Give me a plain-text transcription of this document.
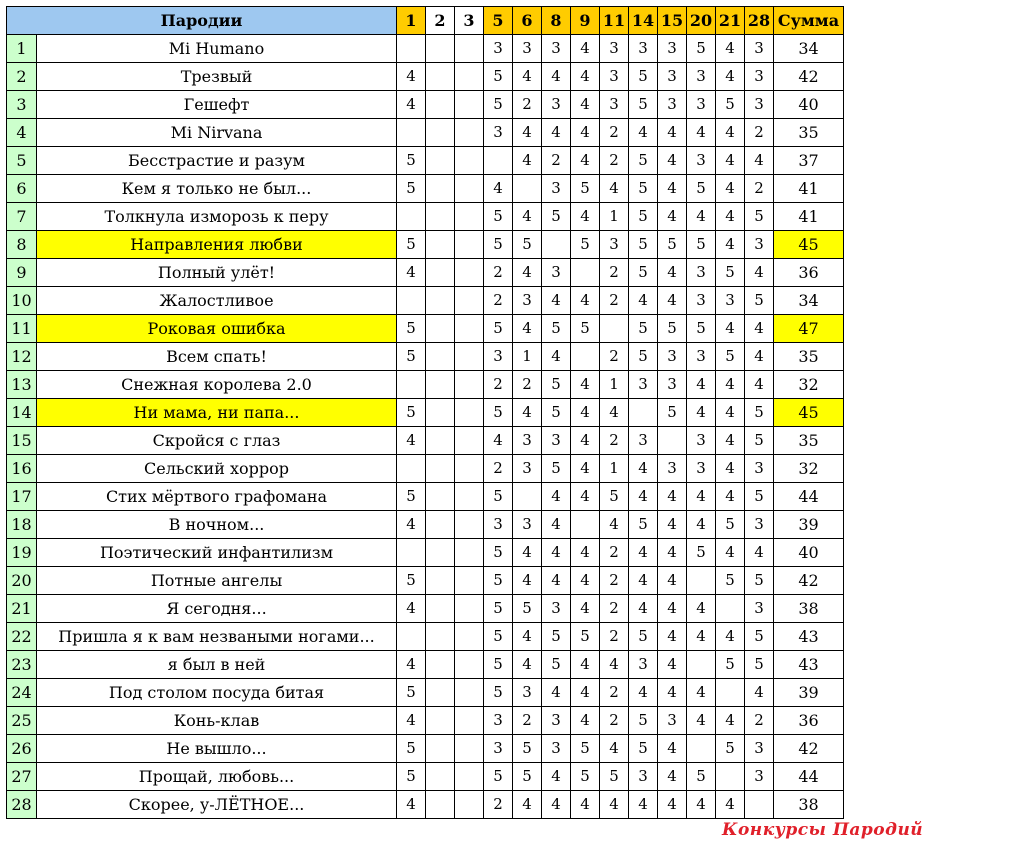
Пародии		1	2	3	5	6	8	9	11	14	15	20	21	28	Сумма
1	Mi Humano				3	3	3	4	3	3	3	5	4	3	34
2	Трезвый	4			5	4	4	4	3	5	3	3	4	3	42
3	Гешефт	4			5	2	3	4	3	5	3	3	5	3	40
4	Mi Nirvana				3	4	4	4	2	4	4	4	4	2	35
5	Бесстрастие и разум	5				4	2	4	2	5	4	3	4	4	37
6	Кем я только не был...	5			4		3	5	4	5	4	5	4	2	41
7	Толкнула изморозь к перу				5	4	5	4	1	5	4	4	4	5	41
8	Направления любви	5			5	5		5	3	5	5	5	4	3	45
9	Полный улёт!	4			2	4	3		2	5	4	3	5	4	36
10	Жалостливое				2	3	4	4	2	4	4	3	3	5	34
11	Роковая ошибка	5			5	4	5	5		5	5	5	4	4	47
12	Всем спать!	5			3	1	4		2	5	3	3	5	4	35
13	Снежная королева 2.0				2	2	5	4	1	3	3	4	4	4	32
14	Ни мама, ни папа...	5			5	4	5	4	4		5	4	4	5	45
15	Скройся с глаз	4			4	3	3	4	2	3		3	4	5	35
16	Сельский хоррор				2	3	5	4	1	4	3	3	4	3	32
17	Стих мёртвого графомана	5			5		4	4	5	4	4	4	4	5	44
18	В ночном...	4			3	3	4		4	5	4	4	5	3	39
19	Поэтический инфантилизм				5	4	4	4	2	4	4	5	4	4	40
20	Потные ангелы	5			5	4	4	4	2	4	4		5	5	42
21	Я сегодня...	4			5	5	3	4	2	4	4	4		3	38
22	Пришла я к вам незваными ногами...				5	4	5	5	2	5	4	4	4	5	43
23	я был в ней	4			5	4	5	4	4	3	4		5	5	43
24	Под столом посуда битая	5			5	3	4	4	2	4	4	4		4	39
25	Конь-клав	4			3	2	3	4	2	5	3	4	4	2	36
26	Не вышло...	5			3	5	3	5	4	5	4		5	3	42
27	Прощай, любовь...	5			5	5	4	5	5	3	4	5		3	44
28	Скорее, у-ЛЁТНОЕ...	4			2	4	4	4	4	4	4	4	4		38
Конкурсы Пародий
